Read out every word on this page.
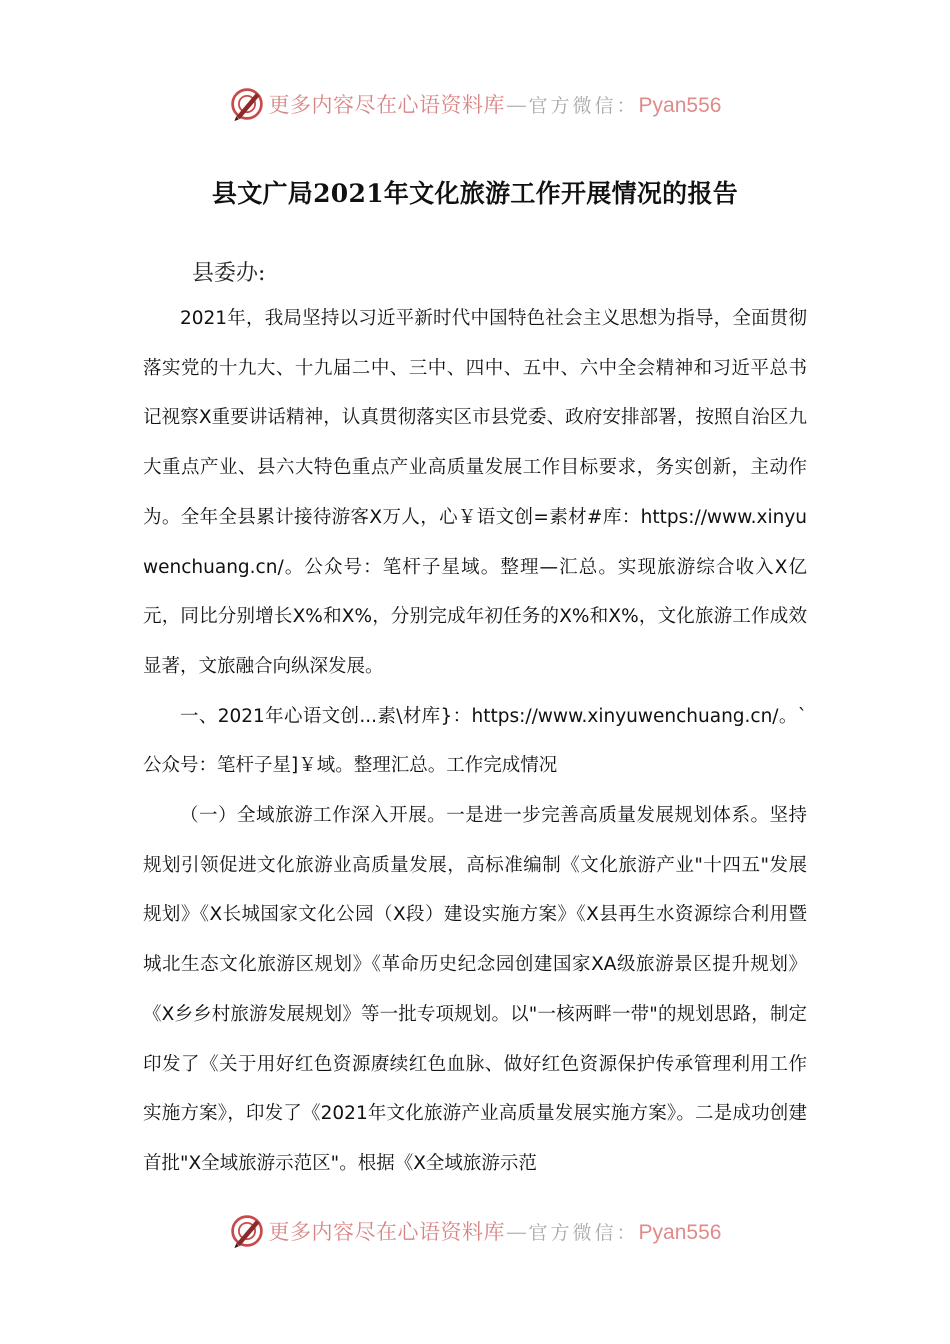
更多内容尽在心语资料库—官方微信：Pyan556
县文广局2021年文化旅游工作开展情况的报告
县委办:

2021年，我局坚持以习近平新时代中国特色社会主义思想为指导，全面贯彻落实党的十九大、十九届二中、三中、四中、五中、六中全会精神和习近平总书记视察X重要讲话精神，认真贯彻落实区市县党委、政府安排部署，按照自治区九大重点产业、县六大特色重点产业高质量发展工作目标要求，务实创新，主动作为。全年全县累计接待游客X万人，心￥语文创=素材#库：https://www.xinyuwenchuang.cn/。公众号：笔杆子星域。整理—汇总。实现旅游综合收入X亿元，同比分别增长X%和X%，分别完成年初任务的X%和X%，文化旅游工作成效显著，文旅融合向纵深发展。

一、2021年心语文创...素\材库}：https://www.xinyuwenchuang.cn/。`公众号：笔杆子星]￥域。整理汇总。工作完成情况

（一）全域旅游工作深入开展。一是进一步完善高质量发展规划体系。坚持规划引领促进文化旅游业高质量发展，高标准编制《文化旅游产业"十四五"发展规划》《X长城国家文化公园（X段）建设实施方案》《X县再生水资源综合利用暨城北生态文化旅游区规划》《革命历史纪念园创建国家XA级旅游景区提升规划》《X乡乡村旅游发展规划》等一批专项规划。以"一核两畔一带"的规划思路，制定印发了《关于用好红色资源赓续红色血脉、做好红色资源保护传承管理利用工作实施方案》，印发了《2021年文化旅游产业高质量发展实施方案》。二是成功创建首批"X全域旅游示范区"。根据《X全域旅游示范

更多内容尽在心语资料库—官方微信：Pyan556
